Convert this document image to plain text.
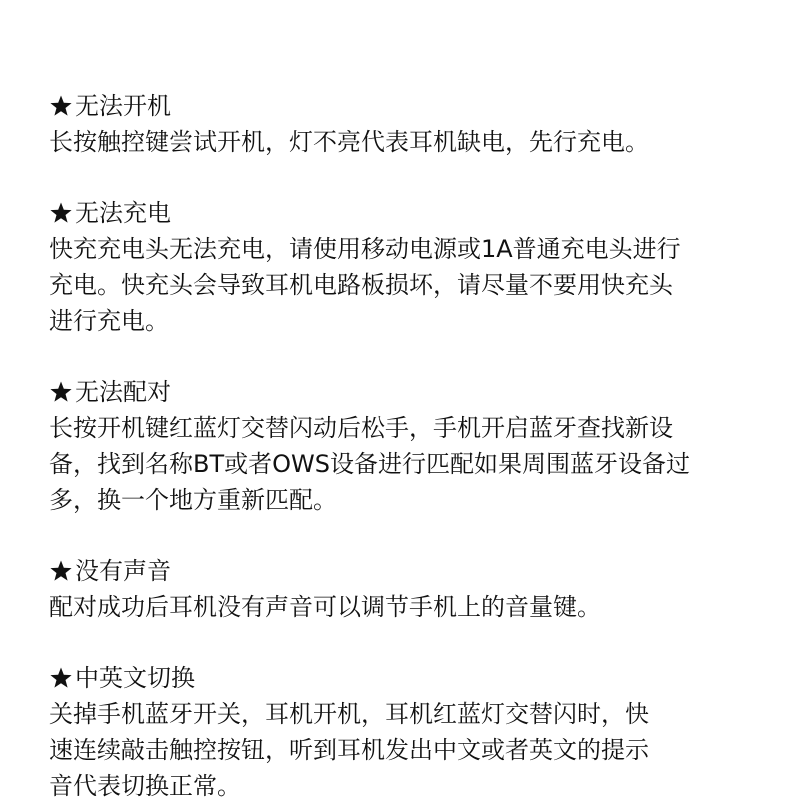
无法开机
长按触控键尝试开机，灯不亮代表耳机缺电，先行充电。
无法充电
快充充电头无法充电，请使用移动电源或1A普通充电头进行
充电。快充头会导致耳机电路板损坏，请尽量不要用快充头
进行充电。
无法配对
长按开机键红蓝灯交替闪动后松手，手机开启蓝牙查找新设
备，找到名称BT或者OWS设备进行匹配如果周围蓝牙设备过
多，换一个地方重新匹配。
没有声音
配对成功后耳机没有声音可以调节手机上的音量键。
中英文切换
关掉手机蓝牙开关，耳机开机，耳机红蓝灯交替闪时，快
速连续敲击触控按钮，听到耳机发出中文或者英文的提示
音代表切换正常。
